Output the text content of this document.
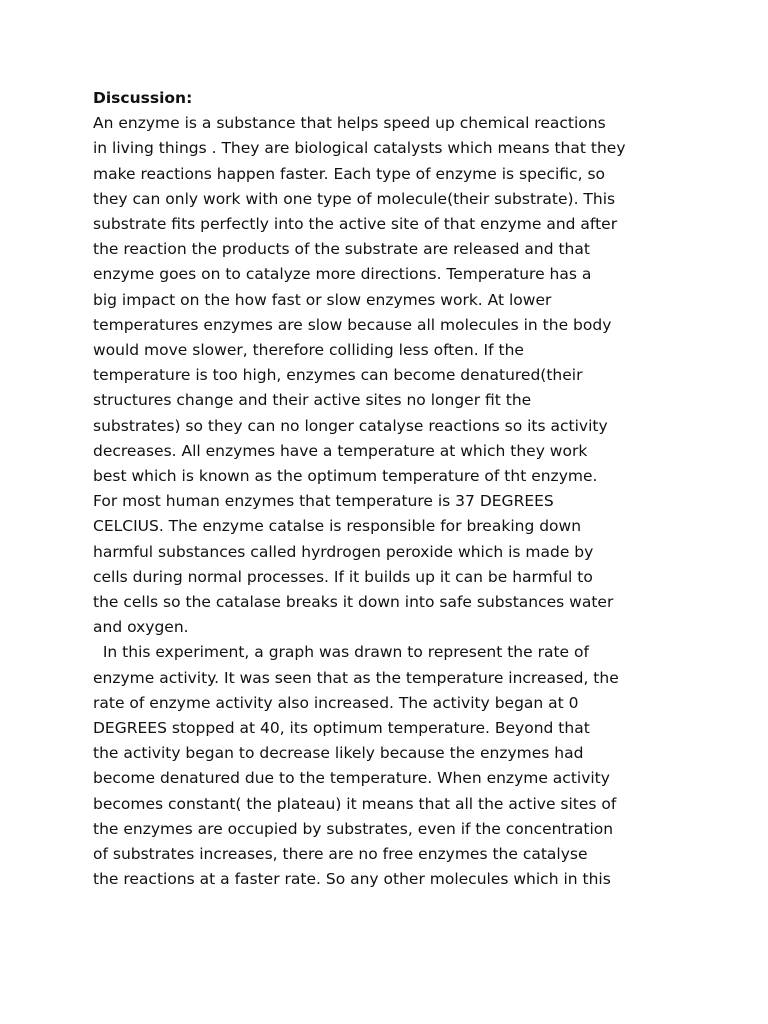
Discussion:
An enzyme is a substance that helps speed up chemical reactions
in living things . They are biological catalysts which means that they
make reactions happen faster. Each type of enzyme is specific, so
they can only work with one type of molecule(their substrate). This
substrate fits perfectly into the active site of that enzyme and after
the reaction the products of the substrate are released and that
enzyme goes on to catalyze more directions. Temperature has a
big impact on the how fast or slow enzymes work. At lower
temperatures enzymes are slow because all molecules in the body
would move slower, therefore colliding less often. If the
temperature is too high, enzymes can become denatured(their
structures change and their active sites no longer fit the
substrates) so they can no longer catalyse reactions so its activity
decreases. All enzymes have a temperature at which they work
best which is known as the optimum temperature of tht enzyme.
For most human enzymes that temperature is 37 DEGREES
CELCIUS. The enzyme catalse is responsible for breaking down
harmful substances called hyrdrogen peroxide which is made by
cells during normal processes. If it builds up it can be harmful to
the cells so the catalase breaks it down into safe substances water
and oxygen.
In this experiment, a graph was drawn to represent the rate of
enzyme activity. It was seen that as the temperature increased, the
rate of enzyme activity also increased. The activity began at 0
DEGREES stopped at 40, its optimum temperature. Beyond that
the activity began to decrease likely because the enzymes had
become denatured due to the temperature. When enzyme activity
becomes constant( the plateau) it means that all the active sites of
the enzymes are occupied by substrates, even if the concentration
of substrates increases, there are no free enzymes the catalyse
the reactions at a faster rate. So any other molecules which in this
